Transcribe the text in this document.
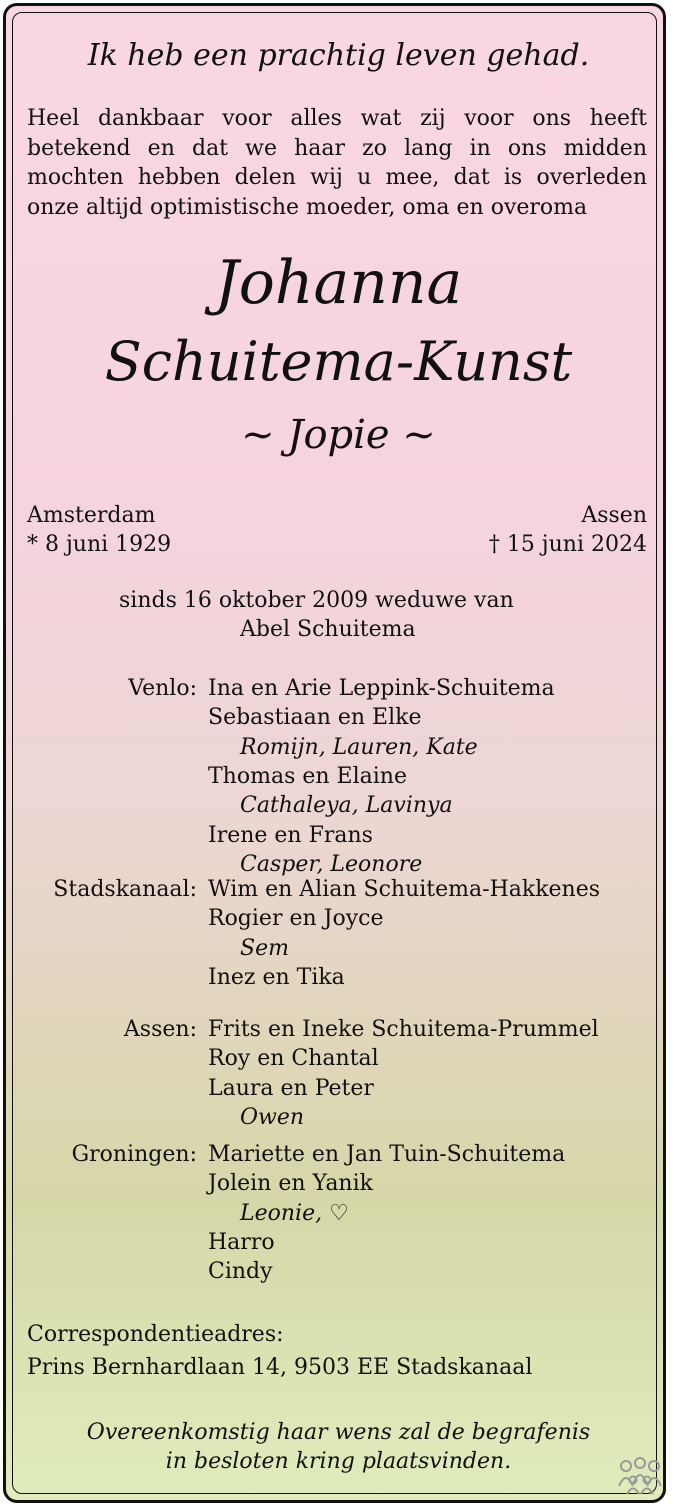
Ik heb een prachtig leven gehad.
Heel dankbaar voor alles wat zij voor ons heeft betekend en dat we haar zo lang in ons midden mochten hebben delen wij u mee, dat is overleden onze altijd optimistische moeder, oma en overoma
Johanna
Schuitema-Kunst
~ Jopie ~
Amsterdam
* 8 juni 1929
Assen
† 15 juni 2024
sinds 16 oktober 2009 weduwe van
Abel Schuitema
Venlo: Ina en Arie Leppink-Schuitema
Sebastiaan en Elke
Romijn, Lauren, Kate
Thomas en Elaine
Cathaleya, Lavinya
Irene en Frans
Casper, Leonore
Stadskanaal: Wim en Alian Schuitema-Hakkenes
Rogier en Joyce
Sem
Inez en Tika
Assen: Frits en Ineke Schuitema-Prummel
Roy en Chantal
Laura en Peter
Owen
Groningen: Mariette en Jan Tuin-Schuitema
Jolein en Yanik
Leonie, ♡
Harro
Cindy
Correspondentieadres:
Prins Bernhardlaan 14, 9503 EE Stadskanaal
Overeenkomstig haar wens zal de begrafenis
in besloten kring plaatsvinden.
